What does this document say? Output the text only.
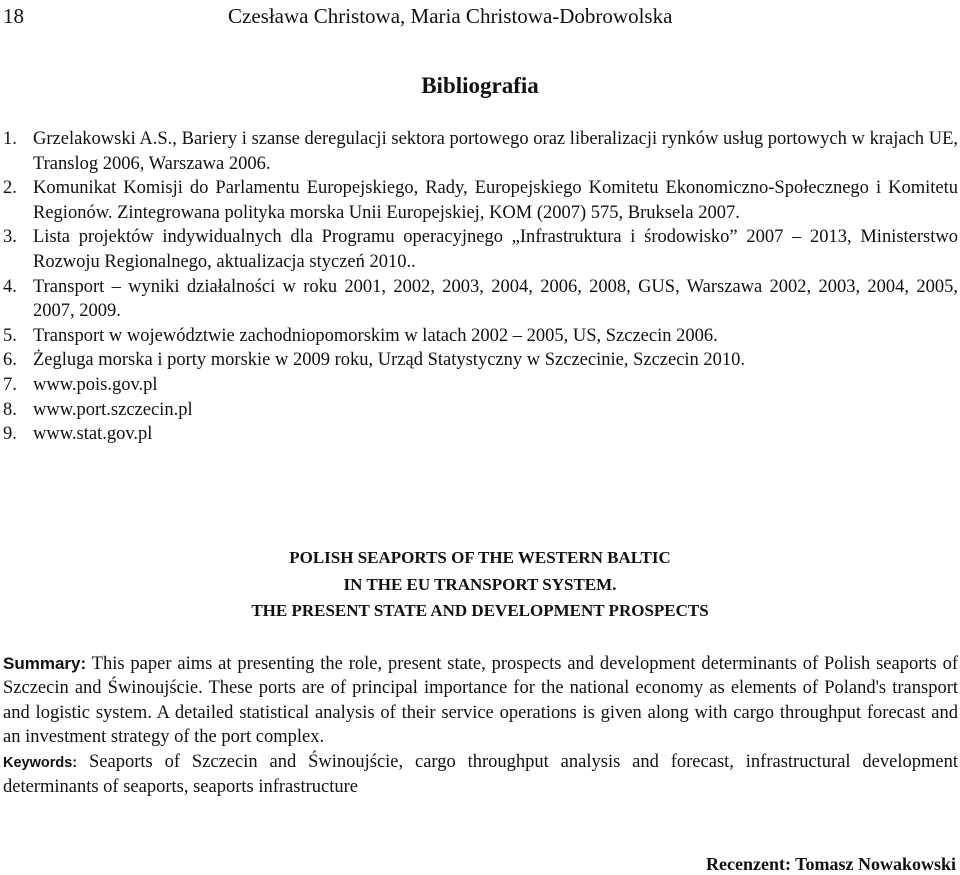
18	Czesława Christowa, Maria Christowa-Dobrowolska
Bibliografia
1. Grzelakowski A.S., Bariery i szanse deregulacji sektora portowego oraz liberalizacji rynków usług portowych w krajach UE, Translog 2006, Warszawa 2006.
2. Komunikat Komisji do Parlamentu Europejskiego, Rady, Europejskiego Komitetu Ekonomiczno-Społecznego i Komitetu Regionów. Zintegrowana polityka morska Unii Europejskiej, KOM (2007) 575, Bruksela 2007.
3. Lista projektów indywidualnych dla Programu operacyjnego „Infrastruktura i środowisko” 2007 – 2013, Ministerstwo Rozwoju Regionalnego, aktualizacja styczeń 2010..
4. Transport – wyniki działalności w roku 2001, 2002, 2003, 2004, 2006, 2008, GUS, Warszawa 2002, 2003, 2004, 2005, 2007, 2009.
5. Transport w województwie zachodniopomorskim w latach 2002 – 2005, US, Szczecin 2006.
6. Żegluga morska i porty morskie w 2009 roku, Urząd Statystyczny w Szczecinie, Szczecin 2010.
7. www.pois.gov.pl
8. www.port.szczecin.pl
9. www.stat.gov.pl
POLISH SEAPORTS OF THE WESTERN BALTIC
IN THE EU TRANSPORT SYSTEM.
THE PRESENT STATE AND DEVELOPMENT PROSPECTS
Summary: This paper aims at presenting the role, present state, prospects and development determinants of Polish seaports of Szczecin and Świnoujście. These ports are of principal importance for the national economy as elements of Poland's transport and logistic system. A detailed statistical analysis of their service operations is given along with cargo throughput forecast and an investment strategy of the port complex.
Keywords: Seaports of Szczecin and Świnoujście, cargo throughput analysis and forecast, infrastructural development determinants of seaports, seaports infrastructure
Recenzent: Tomasz Nowakowski
